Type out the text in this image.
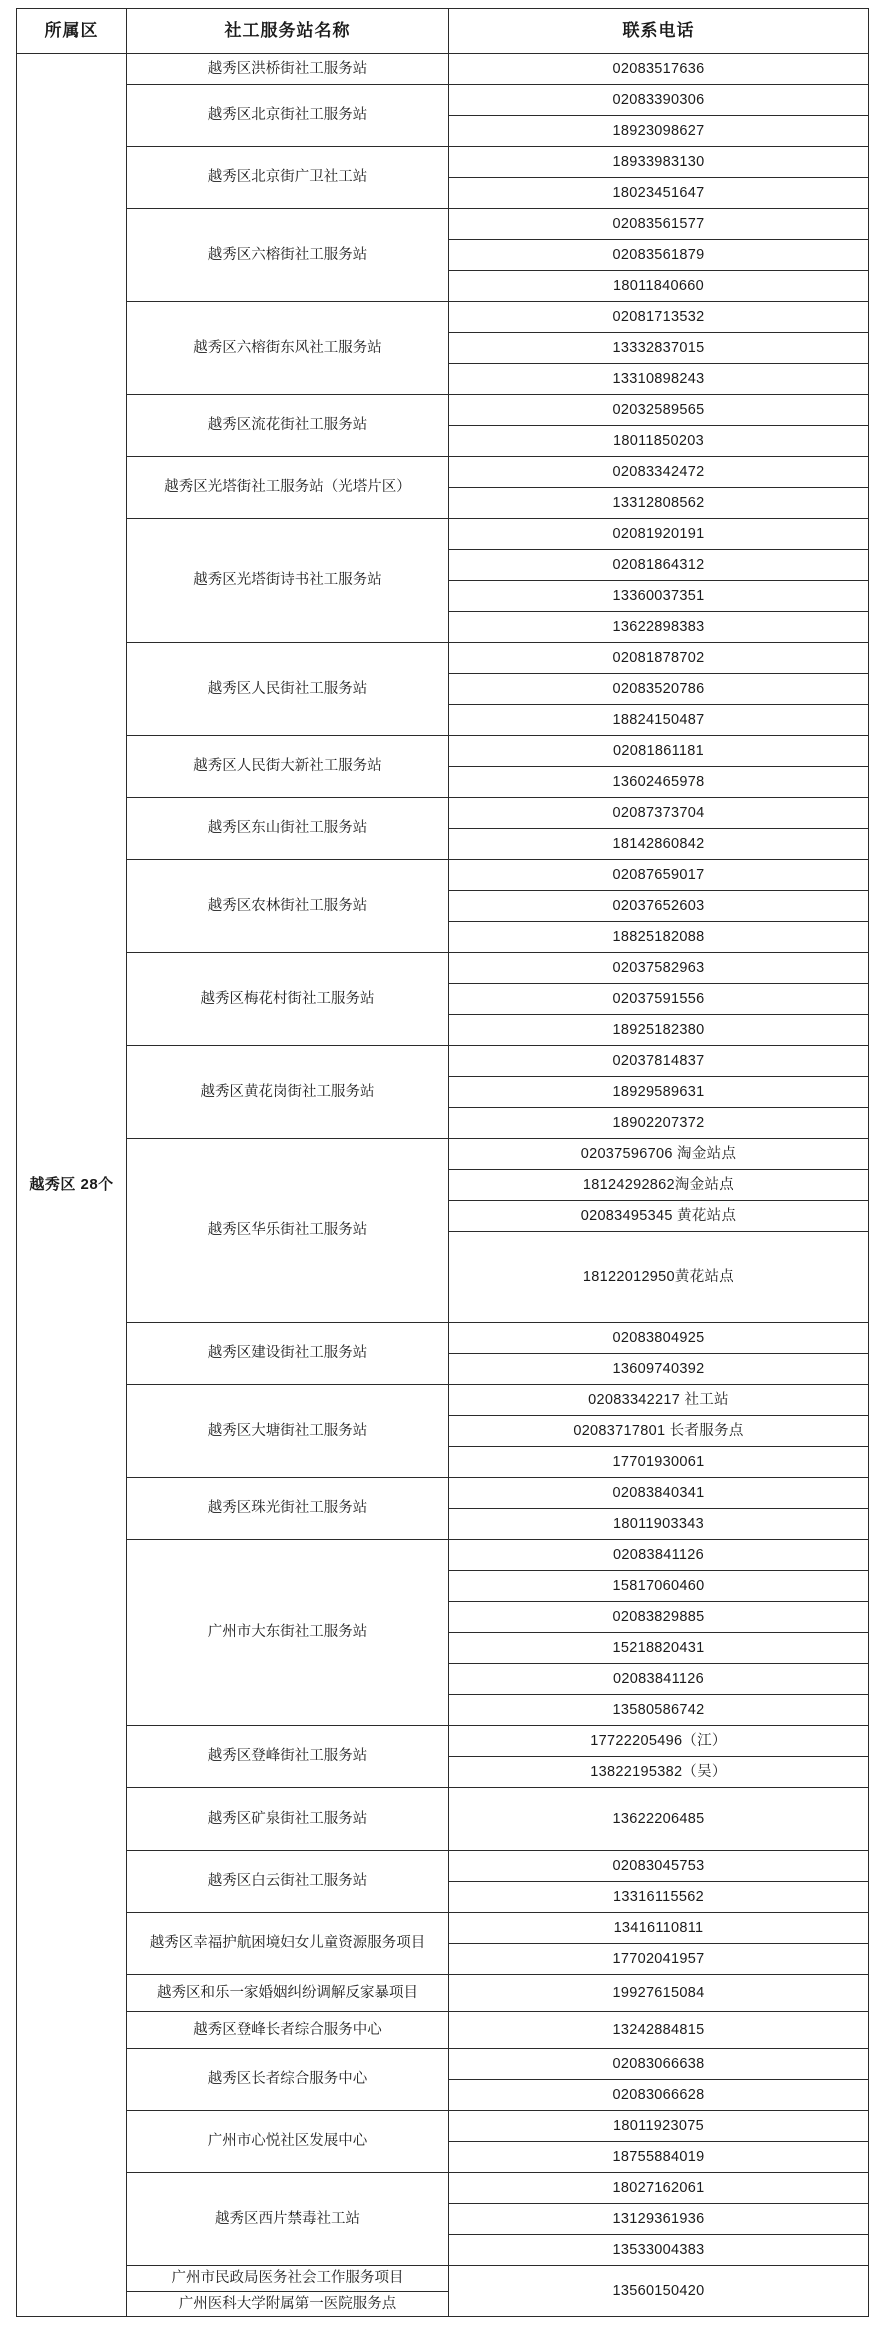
所属区	社工服务站名称	联系电话
越秀区 28个	越秀区洪桥街社工服务站	02083517636
	越秀区北京街社工服务站	02083390306
		18923098627
	越秀区北京街广卫社工站	18933983130
		18023451647
	越秀区六榕街社工服务站	02083561577
		02083561879
		18011840660
	越秀区六榕街东风社工服务站	02081713532
		13332837015
		13310898243
	越秀区流花街社工服务站	02032589565
		18011850203
	越秀区光塔街社工服务站（光塔片区）	02083342472
		13312808562
	越秀区光塔街诗书社工服务站	02081920191
		02081864312
		13360037351
		13622898383
	越秀区人民街社工服务站	02081878702
		02083520786
		18824150487
	越秀区人民街大新社工服务站	02081861181
		13602465978
	越秀区东山街社工服务站	02087373704
		18142860842
	越秀区农林街社工服务站	02087659017
		02037652603
		18825182088
	越秀区梅花村街社工服务站	02037582963
		02037591556
		18925182380
	越秀区黄花岗街社工服务站	02037814837
		18929589631
		18902207372
	越秀区华乐街社工服务站	02037596706 淘金站点
		18124292862淘金站点
		02083495345 黄花站点
		18122012950黄花站点
	越秀区建设街社工服务站	02083804925
		13609740392
	越秀区大塘街社工服务站	02083342217 社工站
		02083717801 长者服务点
		17701930061
	越秀区珠光街社工服务站	02083840341
		18011903343
	广州市大东街社工服务站	02083841126
		15817060460
		02083829885
		15218820431
		02083841126
		13580586742
	越秀区登峰街社工服务站	17722205496（江）
		13822195382（吴）
	越秀区矿泉街社工服务站	13622206485
	越秀区白云街社工服务站	02083045753
		13316115562
	越秀区幸福护航困境妇女儿童资源服务项目	13416110811
		17702041957
	越秀区和乐一家婚姻纠纷调解反家暴项目	19927615084
	越秀区登峰长者综合服务中心	13242884815
	越秀区长者综合服务中心	02083066638
		02083066628
	广州市心悦社区发展中心	18011923075
		18755884019
	越秀区西片禁毒社工站	18027162061
		13129361936
		13533004383
	广州市民政局医务社会工作服务项目	13560150420
	广州医科大学附属第一医院服务点	
